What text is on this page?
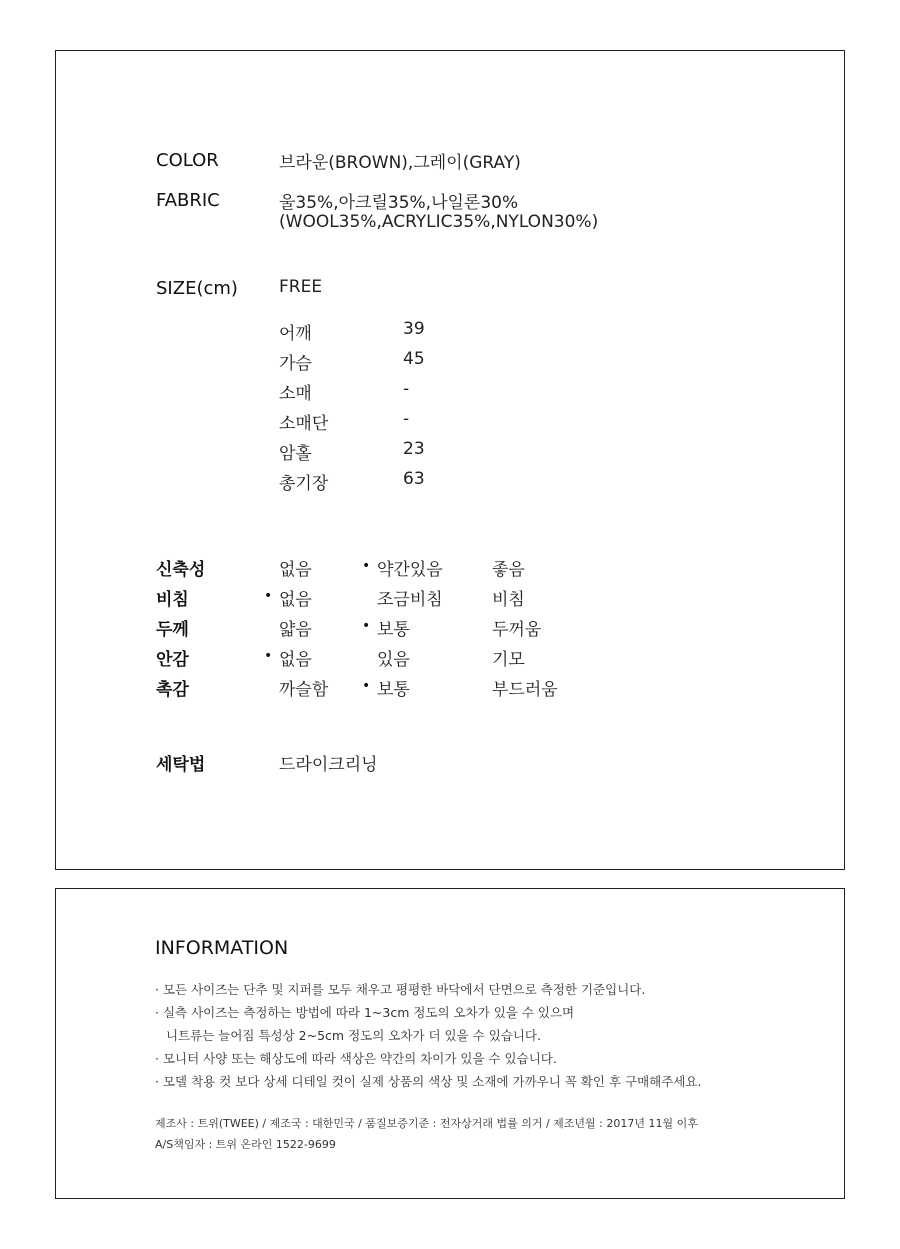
COLOR	브라운(BROWN),그레이(GRAY)
FABRIC	울35%,아크릴35%,나일론30%
(WOOL35%,ACRYLIC35%,NYLON30%)
SIZE(cm) FREE
어깨	39
가슴	45
소매	-
소매단	-
암홀	23
총기장	63
신축성	없음	• 약간있음	좋음
비침	• 없음	조금비침	비침
두께	얇음	• 보통	두꺼움
안감	• 없음	있음	기모
촉감	까슬함 • 보통	부드러움
세탁법	드라이크리닝
INFORMATION
· 모든 사이즈는 단추 및 지퍼를 모두 채우고 평평한 바닥에서 단면으로 측정한 기준입니다.
· 실측 사이즈는 측정하는 방법에 따라 1~3cm 정도의 오차가 있을 수 있으며
니트류는 늘어짐 특성상 2~5cm 정도의 오차가 더 있을 수 있습니다.
· 모니터 사양 또는 해상도에 따라 색상은 약간의 차이가 있을 수 있습니다.
· 모델 착용 컷 보다 상세 디테일 컷이 실제 상품의 색상 및 소재에 가까우니 꼭 확인 후 구매해주세요.
제조사 : 트위(TWEE) / 제조국 : 대한민국 / 품질보증기준 : 전자상거래 법률 의거 / 제조년월 : 2017년 11월 이후
A/S책임자 : 트위 온라인 1522-9699
